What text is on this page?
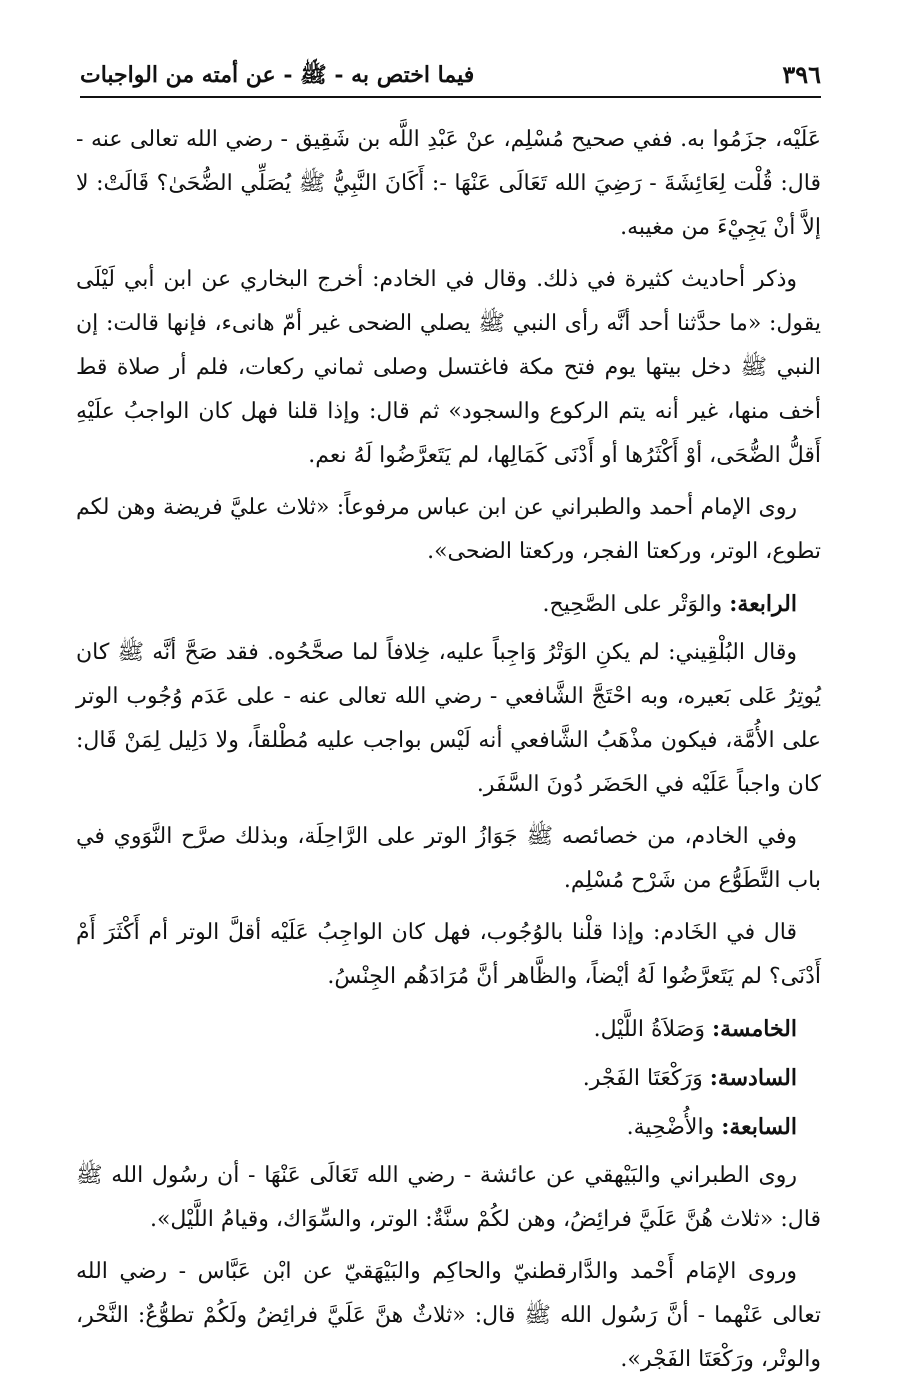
٣٩٦
فيما اختص به - ﷺ - عن أمته من الواجبات

عَلَيْه، جزَمُوا به. ففي صحيح مُسْلِم، عنْ عَبْدِ اللَّه بن شَقِيق - رضي الله تعالى عنه - قال: قُلْت لِعَائِشَةَ - رَضِيَ الله تَعَالَى عَنْهَا -: أَكَانَ النَّبِيُّ ﷺ يُصَلِّي الضُّحَىٰ؟ قَالَتْ: لا إلاَّ أنْ يَجِيْءَ من مغيبه.

وذكر أحاديث كثيرة في ذلك. وقال في الخادم: أخرج البخاري عن ابن أبي لَيْلَى يقول: «ما حدَّثنا أحد أنَّه رأى النبي ﷺ يصلي الضحى غير أمّ هانىء، فإنها قالت: إن النبي ﷺ دخل بيتها يوم فتح مكة فاغتسل وصلى ثماني ركعات، فلم أر صلاة قط أخف منها، غير أنه يتم الركوع والسجود» ثم قال: وإذا قلنا فهل كان الواجبُ علَيْهِ أَقلُّ الضُّحَى، أوْ أَكْثَرُها أو أَدْنَى كَمَالِها، لم يَتَعرَّضُوا لَهُ نعم.

روى الإمام أحمد والطبراني عن ابن عباس مرفوعاً: «ثلاث عليَّ فريضة وهن لكم تطوع، الوتر، وركعتا الفجر، وركعتا الضحى».

الرابعة: والوَتْر على الصَّحِيح.

وقال البُلْقِيني: لم يكنِ الوَتْرُ وَاجِباً عليه، خِلافاً لما صحَّحُوه. فقد صَحَّ أنَّه ﷺ كان يُوتِرُ عَلى بَعيره، وبه احْتَجَّ الشَّافعي - رضي الله تعالى عنه - على عَدَم وُجُوب الوتر على الأُمَّة، فيكون مذْهَبُ الشَّافعي أنه لَيْس بواجب عليه مُطْلقاً، ولا دَلِيل لِمَنْ قَال: كان واجباً عَلَيْه في الحَضَر دُونَ السَّفَر.

وفي الخادم، من خصائصه ﷺ جَوَازُ الوتر على الرَّاحِلَة، وبذلك صرَّح النَّوَوي في باب التَّطَوُّع من شَرْح مُسْلِم.

قال في الخَادم: وإذا قلْنا بالوُجُوب، فهل كان الواجِبُ عَلَيْه أقلَّ الوتر أم أَكْثَرَ أَمْ أَدْنَى؟ لم يَتَعرَّضُوا لَهُ أيْضاً، والظَّاهر أنَّ مُرَادَهُم الجِنْسُ.

الخامسة: وَصَلاَةُ اللَّيْل.

السادسة: وَرَكْعَتَا الفَجْر.

السابعة: والأُضْحِية.

روى الطبراني والبَيْهقي عن عائشة - رضي الله تَعَالَى عَنْهَا - أن رسُول الله ﷺ قال: «ثلاث هُنَّ عَلَيَّ فرائِضُ، وهن لكُمْ سنَّةٌ: الوتر، والسِّوَاك، وقيامُ اللَّيْل».

وروى الإمَام أَحْمد والدَّارقطنيّ والحاكِم والبَيْهَقيّ عن ابْن عَبَّاس - رضي الله تعالى عَنْهما - أنَّ رَسُول الله ﷺ قال: «ثلاثٌ هنَّ عَلَيَّ فرائِضُ ولَكُمْ تطوُّعٌ: النَّحْر، والوتْر، ورَكْعَتَا الفَجْر».
